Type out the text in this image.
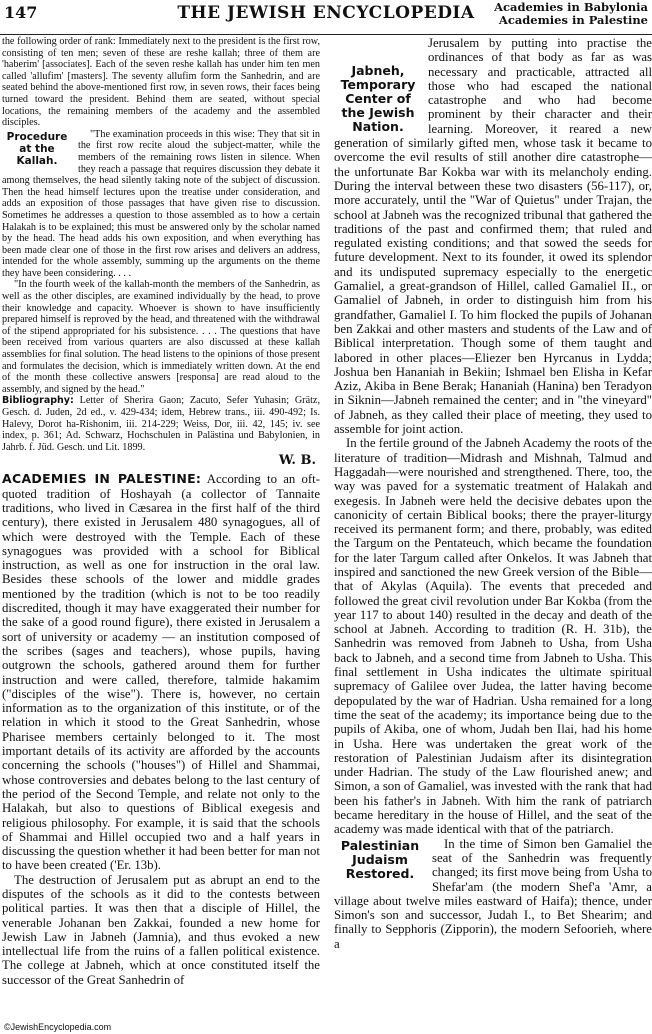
147	THE JEWISH ENCYCLOPEDIA	Academies in Babylonia
Academies in Palestine

the following order of rank: Immediately next to the president is the first row, consisting of ten men; seven of these are reshe kallah; three of them are 'haberim' [associates]. Each of the seven reshe kallah has under him ten men called 'allufim' [masters]. The seventy allufim form the Sanhedrin, and are seated behind the above-mentioned first row, in seven rows, their faces being turned toward the president. Behind them are seated, without special locations, the remaining members of the academy and the assembled disciples.

Procedure at the Kallah.

"The examination proceeds in this wise: They that sit in the first row recite aloud the subject-matter, while the members of the remaining rows listen in silence. When they reach a passage that requires discussion they debate it among themselves, the head silently taking note of the subject of discussion. Then the head himself lectures upon the treatise under consideration, and adds an exposition of those passages that have given rise to discussion. Sometimes he addresses a question to those assembled as to how a certain Halakah is to be explained; this must be answered only by the scholar named by the head. The head adds his own exposition, and when everything has been made clear one of those in the first row arises and delivers an address, intended for the whole assembly, summing up the arguments on the theme they have been considering. . . .

"In the fourth week of the kallah-month the members of the Sanhedrin, as well as the other disciples, are examined individually by the head, to prove their knowledge and capacity. Whoever is shown to have insufficiently prepared himself is reproved by the head, and threatened with the withdrawal of the stipend appropriated for his subsistence. . . . The questions that have been received from various quarters are also discussed at these kallah assemblies for final solution. The head listens to the opinions of those present and formulates the decision, which is immediately written down. At the end of the month these collective answers [responsa] are read aloud to the assembly, and signed by the head."

Bibliography: Letter of Sherira Gaon; Zacuto, Sefer Yuhasin; Grätz, Gesch. d. Juden, 2d ed., v. 429-434; idem, Hebrew trans., iii. 490-492; Is. Halevy, Dorot ha-Rishonim, iii. 214-229; Weiss, Dor, iii. 42, 145; iv. see index, p. 361; Ad. Schwarz, Hochschulen in Palästina und Babylonien, in Jahrb. f. Jüd. Gesch. und Lit. 1899.

W. B.

ACADEMIES IN PALESTINE: According to an oft-quoted tradition of Hoshayah (a collector of Tannaite traditions, who lived in Cæsarea in the first half of the third century), there existed in Jerusalem 480 synagogues, all of which were destroyed with the Temple. Each of these synagogues was provided with a school for Biblical instruction, as well as one for instruction in the oral law. Besides these schools of the lower and middle grades mentioned by the tradition (which is not to be too readily discredited, though it may have exaggerated their number for the sake of a good round figure), there existed in Jerusalem a sort of university or academy — an institution composed of the scribes (sages and teachers), whose pupils, having outgrown the schools, gathered around them for further instruction and were called, therefore, talmide hakamim ("disciples of the wise"). There is, however, no certain information as to the organization of this institute, or of the relation in which it stood to the Great Sanhedrin, whose Pharisee members certainly belonged to it. The most important details of its activity are afforded by the accounts concerning the schools ("houses") of Hillel and Shammai, whose controversies and debates belong to the last century of the period of the Second Temple, and relate not only to the Halakah, but also to questions of Biblical exegesis and religious philosophy. For example, it is said that the schools of Shammai and Hillel occupied two and a half years in discussing the question whether it had been better for man not to have been created ('Er. 13b).

The destruction of Jerusalem put as abrupt an end to the disputes of the schools as it did to the contests between political parties. It was then that a disciple of Hillel, the venerable Johanan ben Zakkai, founded a new home for Jewish Law in Jabneh (Jamnia), and thus evoked a new intellectual life from the ruins of a fallen political existence. The college at Jabneh, which at once constituted itself the successor of the Great Sanhedrin of

Jabneh, Temporary Center of the Jewish Nation.

Jerusalem by putting into practise the ordinances of that body as far as was necessary and practicable, attracted all those who had escaped the national catastrophe and who had become prominent by their character and their learning. Moreover, it reared a new generation of similarly gifted men, whose task it became to overcome the evil results of still another dire catastrophe—the unfortunate Bar Kokba war with its melancholy ending. During the interval between these two disasters (56-117), or, more accurately, until the "War of Quietus" under Trajan, the school at Jabneh was the recognized tribunal that gathered the traditions of the past and confirmed them; that ruled and regulated existing conditions; and that sowed the seeds for future development. Next to its founder, it owed its splendor and its undisputed supremacy especially to the energetic Gamaliel, a great-grandson of Hillel, called Gamaliel II., or Gamaliel of Jabneh, in order to distinguish him from his grandfather, Gamaliel I. To him flocked the pupils of Johanan ben Zakkai and other masters and students of the Law and of Biblical interpretation. Though some of them taught and labored in other places—Eliezer ben Hyrcanus in Lydda; Joshua ben Hananiah in Bekiin; Ishmael ben Elisha in Kefar Aziz, Akiba in Bene Berak; Hananiah (Hanina) ben Teradyon in Siknin—Jabneh remained the center; and in "the vineyard" of Jabneh, as they called their place of meeting, they used to assemble for joint action.

In the fertile ground of the Jabneh Academy the roots of the literature of tradition—Midrash and Mishnah, Talmud and Haggadah—were nourished and strengthened. There, too, the way was paved for a systematic treatment of Halakah and exegesis. In Jabneh were held the decisive debates upon the canonicity of certain Biblical books; there the prayer-liturgy received its permanent form; and there, probably, was edited the Targum on the Pentateuch, which became the foundation for the later Targum called after Onkelos. It was Jabneh that inspired and sanctioned the new Greek version of the Bible—that of Akylas (Aquila). The events that preceded and followed the great civil revolution under Bar Kokba (from the year 117 to about 140) resulted in the decay and death of the school at Jabneh. According to tradition (R. H. 31b), the Sanhedrin was removed from Jabneh to Usha, from Usha back to Jabneh, and a second time from Jabneh to Usha. This final settlement in Usha indicates the ultimate spiritual supremacy of Galilee over Judea, the latter having become depopulated by the war of Hadrian. Usha remained for a long time the seat of the academy; its importance being due to the pupils of Akiba, one of whom, Judah ben Ilai, had his home in Usha. Here was undertaken the great work of the restoration of Palestinian Judaism after its disintegration under Hadrian. The study of the Law flourished anew; and Simon, a son of Gamaliel, was invested with the rank that had been his father's in Jabneh. With him the rank of patriarch became hereditary in the house of Hillel, and the seat of the academy was made identical with that of the patriarch.

Palestinian Judaism Restored.

In the time of Simon ben Gamaliel the seat of the Sanhedrin was frequently changed; its first move being from Usha to Shefar'am (the modern Shef'a 'Amr, a village about twelve miles eastward of Haifa); thence, under Simon's son and successor, Judah I., to Bet Shearim; and finally to Sepphoris (Zipporin), the modern Sefoorieh, where a

©JewishEncyclopedia.com
